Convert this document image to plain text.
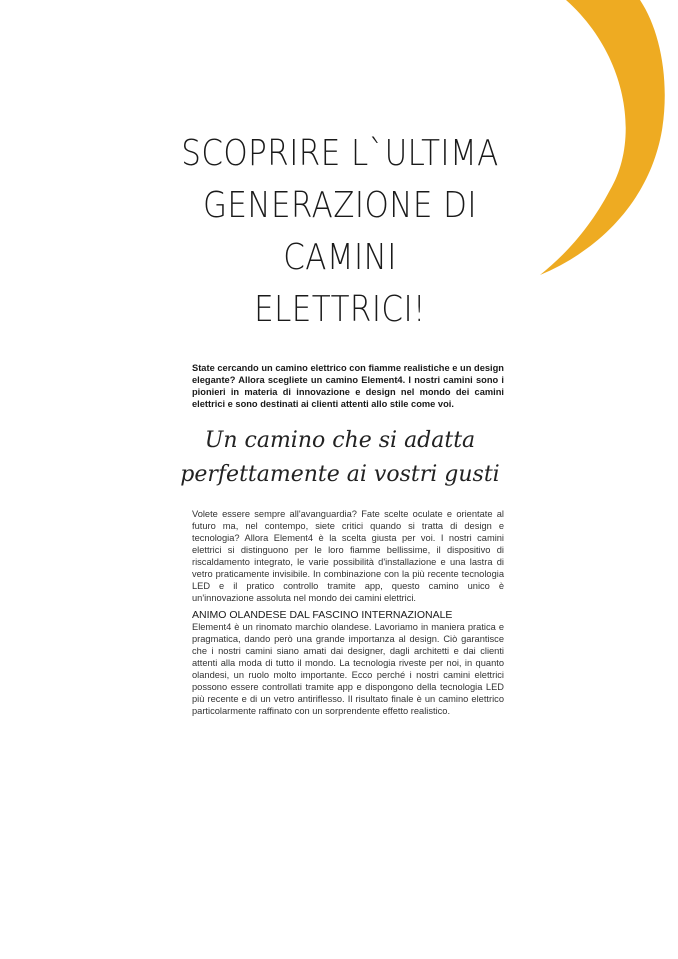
SCOPRIRE L`ULTIMA
GENERAZIONE DI CAMINI
ELETTRICI!

State cercando un camino elettrico con fiamme realistiche e un design elegante? Allora scegliete un camino Element4. I nostri camini sono i pionieri in materia di innovazione e design nel mondo dei camini elettrici e sono destinati ai clienti attenti allo stile come voi.

Un camino che si adatta
perfettamente ai vostri gusti

Volete essere sempre all'avanguardia? Fate scelte oculate e orientate al futuro ma, nel contempo, siete critici quando si tratta di design e tecnologia? Allora Element4 è la scelta giusta per voi. I nostri camini elettrici si distinguono per le loro fiamme bellissime, il dispositivo di riscaldamento integrato, le varie possibilità d'installazione e una lastra di vetro praticamente invisibile. In combinazione con la più recente tecnologia LED e il pratico controllo tramite app, questo camino unico è un'innovazione assoluta nel mondo dei camini elettrici.

ANIMO OLANDESE DAL FASCINO INTERNAZIONALE

Element4 è un rinomato marchio olandese. Lavoriamo in maniera pratica e pragmatica, dando però una grande importanza al design. Ciò garantisce che i nostri camini siano amati dai designer, dagli architetti e dai clienti attenti alla moda di tutto il mondo. La tecnologia riveste per noi, in quanto olandesi, un ruolo molto importante. Ecco perché i nostri camini elettrici possono essere controllati tramite app e dispongono della tecnologia LED più recente e di un vetro antiriflesso. Il risultato finale è un camino elettrico particolarmente raffinato con un sorprendente effetto realistico.
